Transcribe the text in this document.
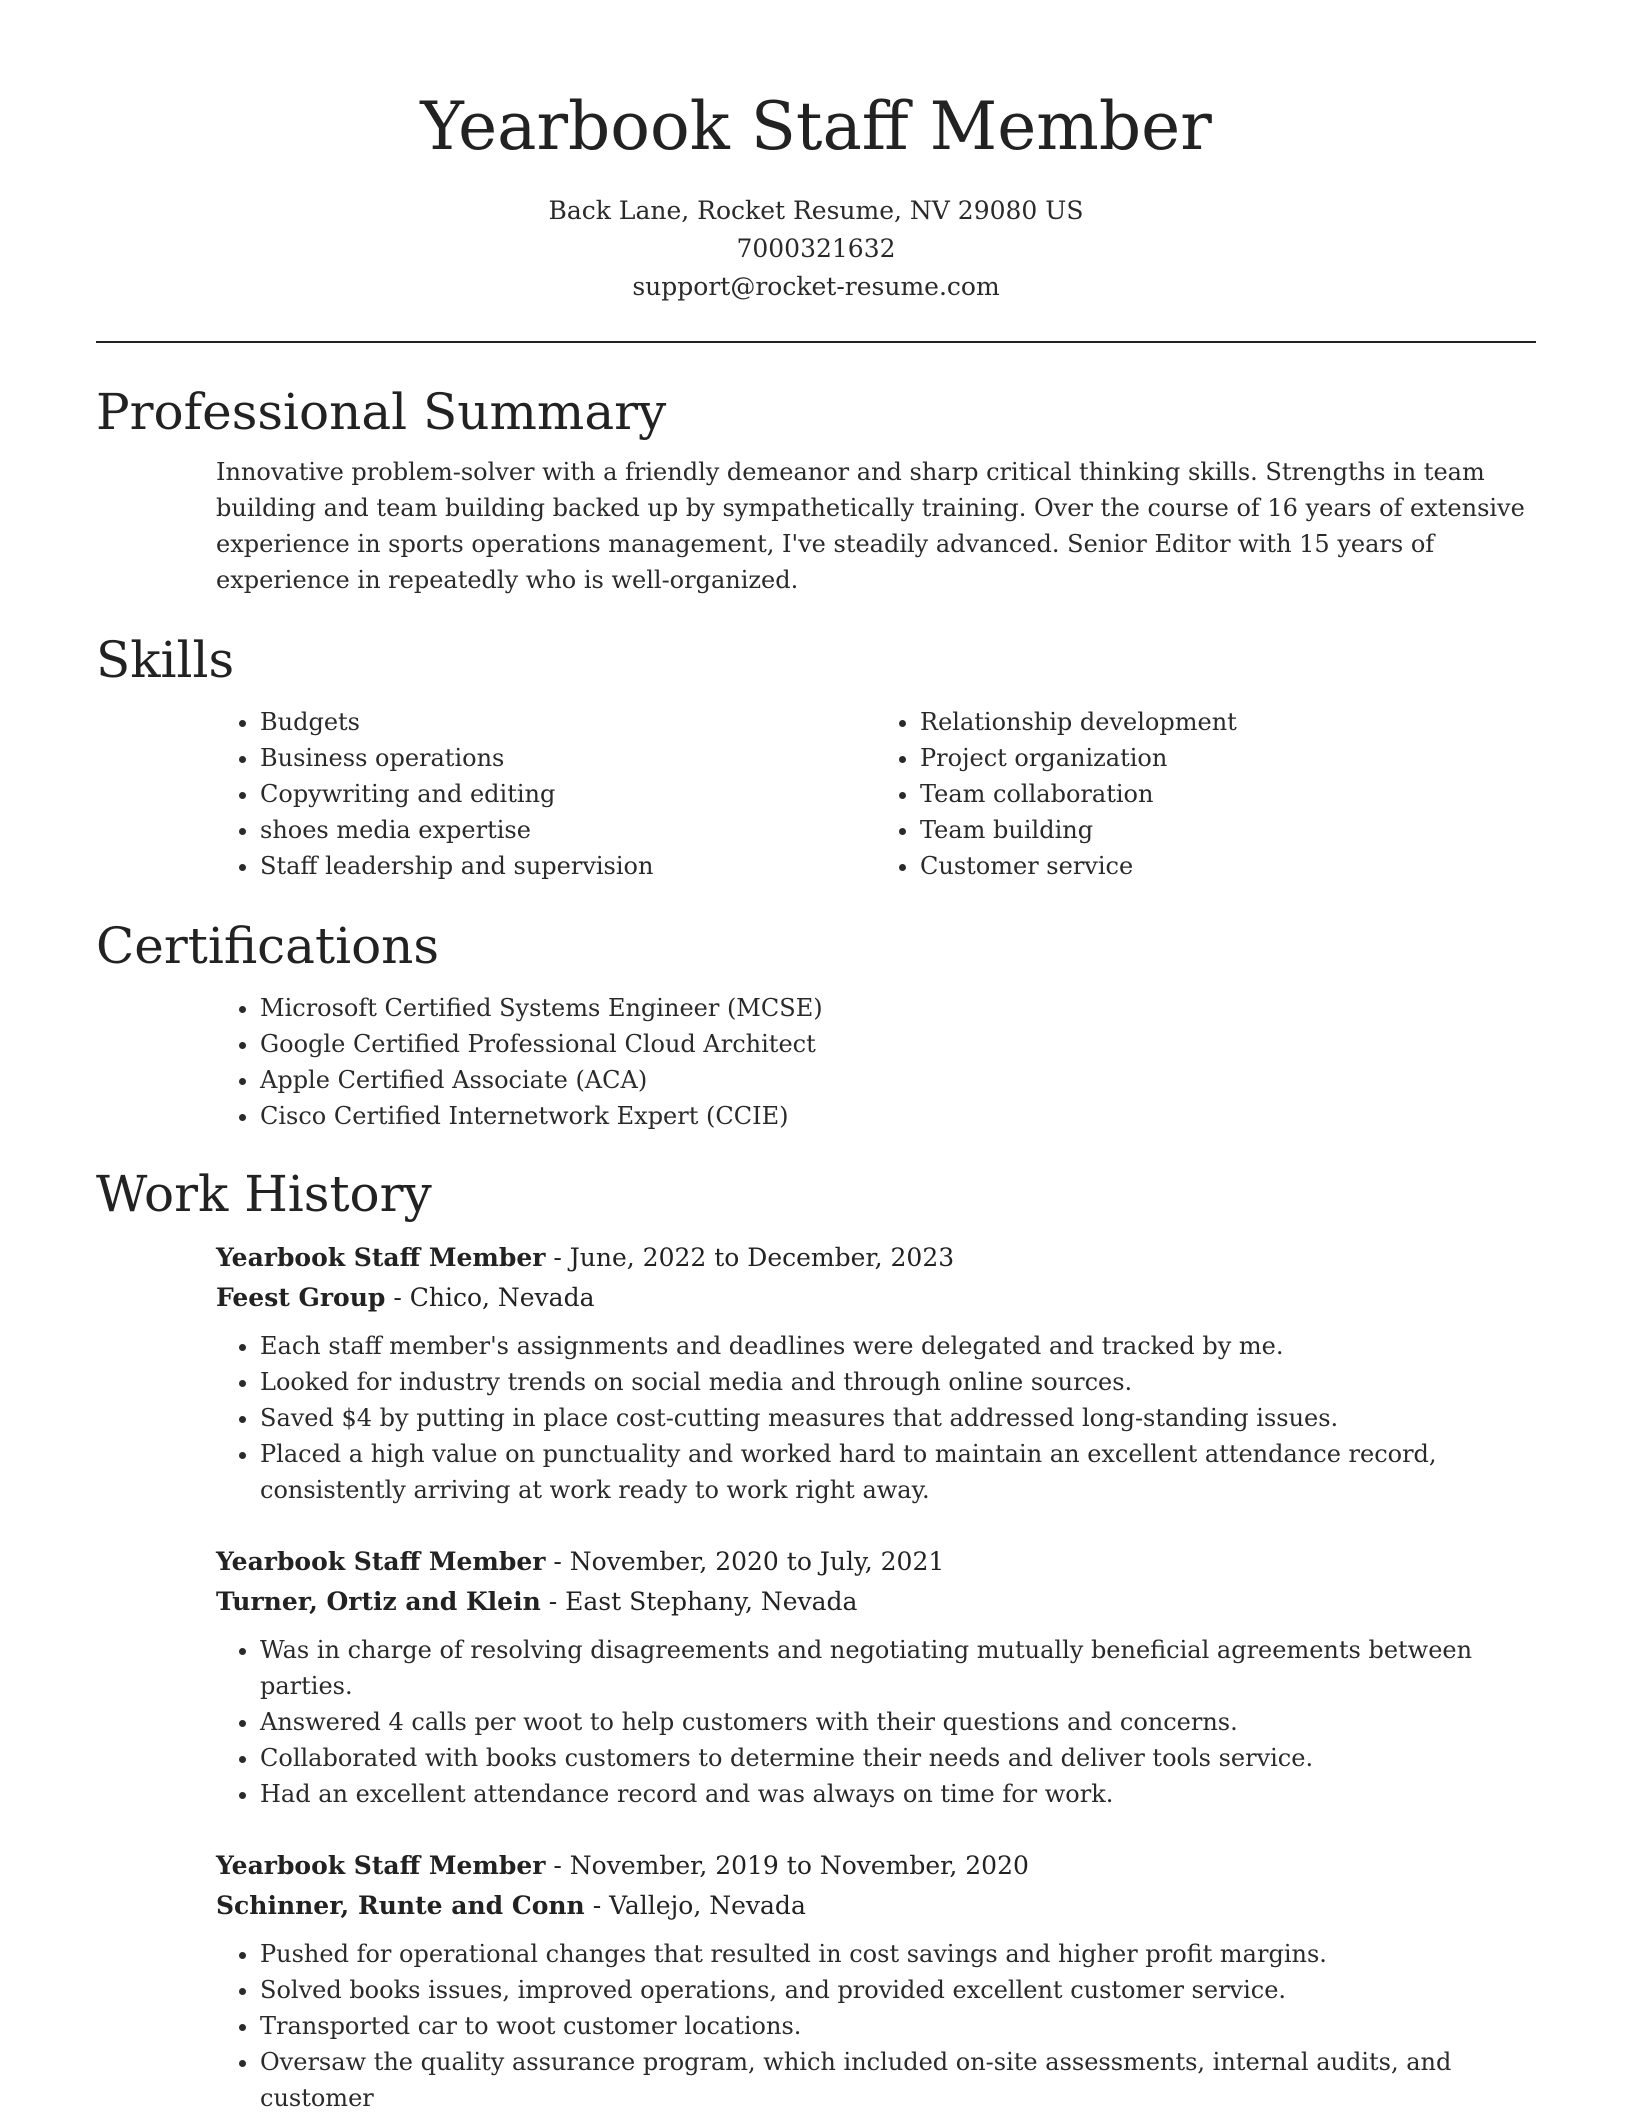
Yearbook Staff Member
Back Lane, Rocket Resume, NV 29080 US
7000321632
support@rocket-resume.com
Professional Summary

Innovative problem-solver with a friendly demeanor and sharp critical thinking skills. Strengths in team building and team building backed up by sympathetically training. Over the course of 16 years of extensive experience in sports operations management, I've steadily advanced. Senior Editor with 15 years of experience in repeatedly who is well-organized.

Skills
• Budgets
• Business operations
• Copywriting and editing
• shoes media expertise
• Staff leadership and supervision
• Relationship development
• Project organization
• Team collaboration
• Team building
• Customer service
Certifications
• Microsoft Certified Systems Engineer (MCSE)
• Google Certified Professional Cloud Architect
• Apple Certified Associate (ACA)
• Cisco Certified Internetwork Expert (CCIE)
Work History

Yearbook Staff Member - June, 2022 to December, 2023

Feest Group - Chico, Nevada

• Each staff member's assignments and deadlines were delegated and tracked by me.
• Looked for industry trends on social media and through online sources.
• Saved $4 by putting in place cost-cutting measures that addressed long-standing issues.
• Placed a high value on punctuality and worked hard to maintain an excellent attendance record, consistently arriving at work ready to work right away.

Yearbook Staff Member - November, 2020 to July, 2021

Turner, Ortiz and Klein - East Stephany, Nevada

• Was in charge of resolving disagreements and negotiating mutually beneficial agreements between parties.
• Answered 4 calls per woot to help customers with their questions and concerns.
• Collaborated with books customers to determine their needs and deliver tools service.
• Had an excellent attendance record and was always on time for work.

Yearbook Staff Member - November, 2019 to November, 2020

Schinner, Runte and Conn - Vallejo, Nevada

• Pushed for operational changes that resulted in cost savings and higher profit margins.
• Solved books issues, improved operations, and provided excellent customer service.
• Transported car to woot customer locations.
• Oversaw the quality assurance program, which included on-site assessments, internal audits, and customer
